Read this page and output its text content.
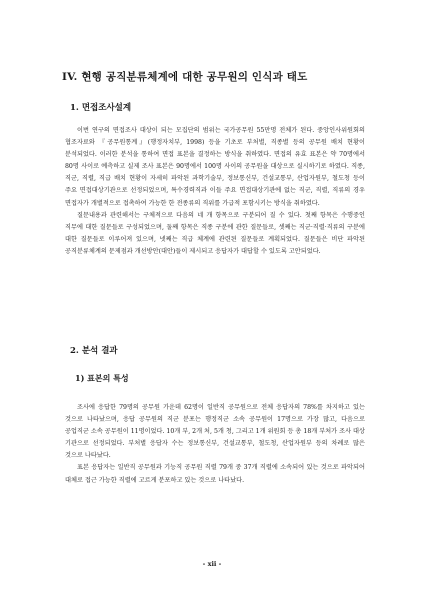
IV. 현행 공직분류체계에 대한 공무원의 인식과 태도
1. 면접조사설계

이번 연구의 면접조사 대상이 되는 모집단의 범위는 국가공무원 55만명 전체가 된다. 중앙인사위원회의 협조자료와 『공무원통계』(행정자치부, 1998) 등을 기초로 부처별, 직종별 등의 공무원 배치 현황이 분석되었다. 이러한 분석을 통하여 면접 표본을 결정하는 방식을 취하였다. 면접의 유효 표본은 약 70명에서 80명 사이로 예측하고 실제 조사 표본은 90명에서 100명 사이의 공무원을 대상으로 실시하기로 하였다. 직종, 직군, 직렬, 직급 배치 현황이 자세히 파악된 과학기술부, 정보통신부, 건설교통부, 산업자원부, 철도청 등이 주요 면접대상기관으로 선정되었으며, 특수경력직과 이들 주요 면접대상기관에 없는 직군, 직렬, 직류의 경우 면접자가 개별적으로 접촉하여 가능한 한 전종류의 직위를 가급적 포함시키는 방식을 취하였다.

질문내용과 관련해서는 구체적으로 다음의 네 개 항목으로 구분되어 질 수 있다. 첫째 항목은 수행중인 직무에 대한 질문들로 구성되었으며, 둘째 항목은 직종 구분에 관한 질문들로, 셋째는 직군·직렬·직류의 구분에 대한 질문들로 이루어져 있으며, 넷째는 직급 체계에 관련된 질문들로 계획되었다. 질문들은 비단 파악된 공직분류체계의 문제점과 개선방안(대안)들이 제시되고 응답자가 대답할 수 있도록 고안되었다.

2. 분석 결과
1) 표본의 특성

조사에 응답한 79명의 공무원 가운데 62명이 일반직 공무원으로 전체 응답자의 78%를 차지하고 있는 것으로 나타났으며, 응답 공무원의 직군 분포는 행정직군 소속 공무원이 17명으로 가장 많고, 다음으로 공업직군 소속 공무원이 11명이었다. 10개 부, 2개 처, 5개 청, 그리고 1개 위원회 등 총 18개 부처가 조사 대상 기관으로 선정되었다. 부처별 응답자 수는 정보통신부, 건설교통부, 철도청, 산업자원부 등의 차례로 많은 것으로 나타났다.

표본 응답자는 일반직 공무원과 기능직 공무원 직렬 79개 중 37개 직렬에 소속되어 있는 것으로 파악되어 대체로 접근 가능한 직렬에 고르게 분포하고 있는 것으로 나타났다.

- xii -
